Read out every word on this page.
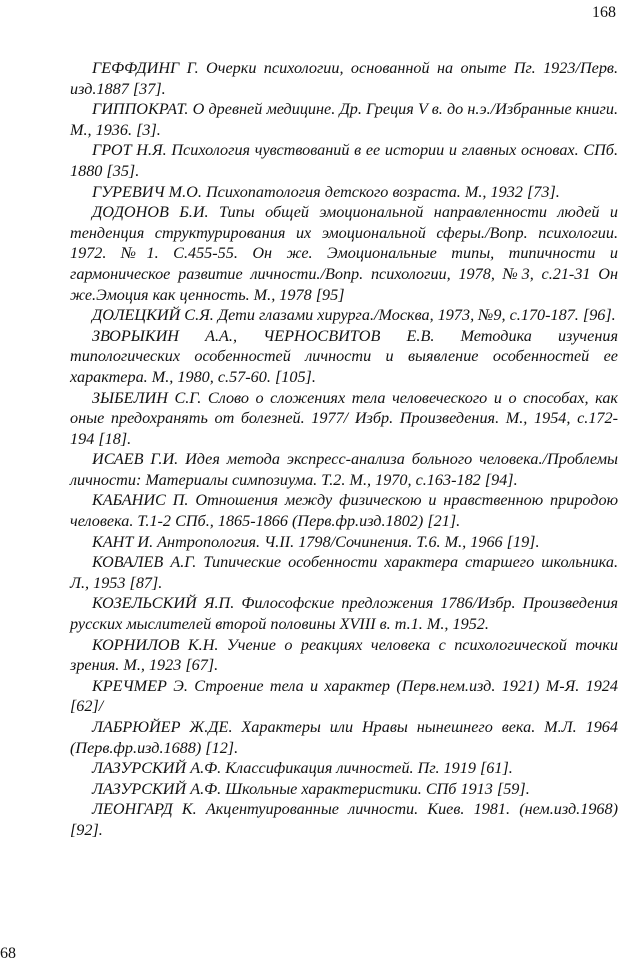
168
ГЕФФДИНГ Г. Очерки психологии, основанной на опыте Пг. 1923/Перв. изд.1887 [37].
ГИППОКРАТ. О древней медицине. Др. Греция V в. до н.э./Избранные книги. М., 1936. [3].
ГРОТ Н.Я. Психология чувствований в ее истории и главных основах. СПб. 1880 [35].
ГУРЕВИЧ М.О. Психопатология детского возраста. М., 1932 [73].
ДОДОНОВ Б.И. Типы общей эмоциональной направленности людей и тенденция структурирования их эмоциональной сферы./Вопр. психологии. 1972. №1. С.455-55. Он же. Эмоциональные типы, типичности и гармоническое развитие личности./Вопр. психологии, 1978, №3, с.21-31 Он же.Эмоция как ценность. М., 1978 [95]
ДОЛЕЦКИЙ С.Я. Дети глазами хирурга./Москва, 1973, №9, с.170-187. [96].
ЗВОРЫКИН А.А., ЧЕРНОСВИТОВ Е.В. Методика изучения типологических особенностей личности и выявление особенностей ее характера. М., 1980, с.57-60. [105].
ЗЫБЕЛИН С.Г. Слово о сложениях тела человеческого и о способах, как оные предохранять от болезней. 1977/ Избр. Произведения. М., 1954, с.172-194 [18].
ИСАЕВ Г.И. Идея метода экспресс-анализа больного человека./Проблемы личности: Материалы симпозиума. Т.2. М., 1970, с.163-182 [94].
КАБАНИС П. Отношения между физическою и нравственною природою человека. Т.1-2 СПб., 1865-1866 (Перв.фр.изд.1802) [21].
КАНТ И. Антропология. Ч.II. 1798/Сочинения. Т.6. М., 1966 [19].
КОВАЛЕВ А.Г. Типические особенности характера старшего школьника. Л., 1953 [87].
КОЗЕЛЬСКИЙ Я.П. Философские предложения 1786/Избр. Произведения русских мыслителей второй половины XVIII в. т.1. М., 1952.
КОРНИЛОВ К.Н. Учение о реакциях человека с психологической точки зрения. М., 1923 [67].
КРЕЧМЕР Э. Строение тела и характер (Перв.нем.изд. 1921) М-Я. 1924 [62]/
ЛАБРЮЙЕР Ж.ДЕ. Характеры или Нравы нынешнего века. М.Л. 1964 (Перв.фр.изд.1688) [12].
ЛАЗУРСКИЙ А.Ф. Классификация личностей. Пг. 1919 [61].
ЛАЗУРСКИЙ А.Ф. Школьные характеристики. СПб 1913 [59].
ЛЕОНГАРД К. Акцентуированные личности. Киев. 1981. (нем.изд.1968) [92].
68
